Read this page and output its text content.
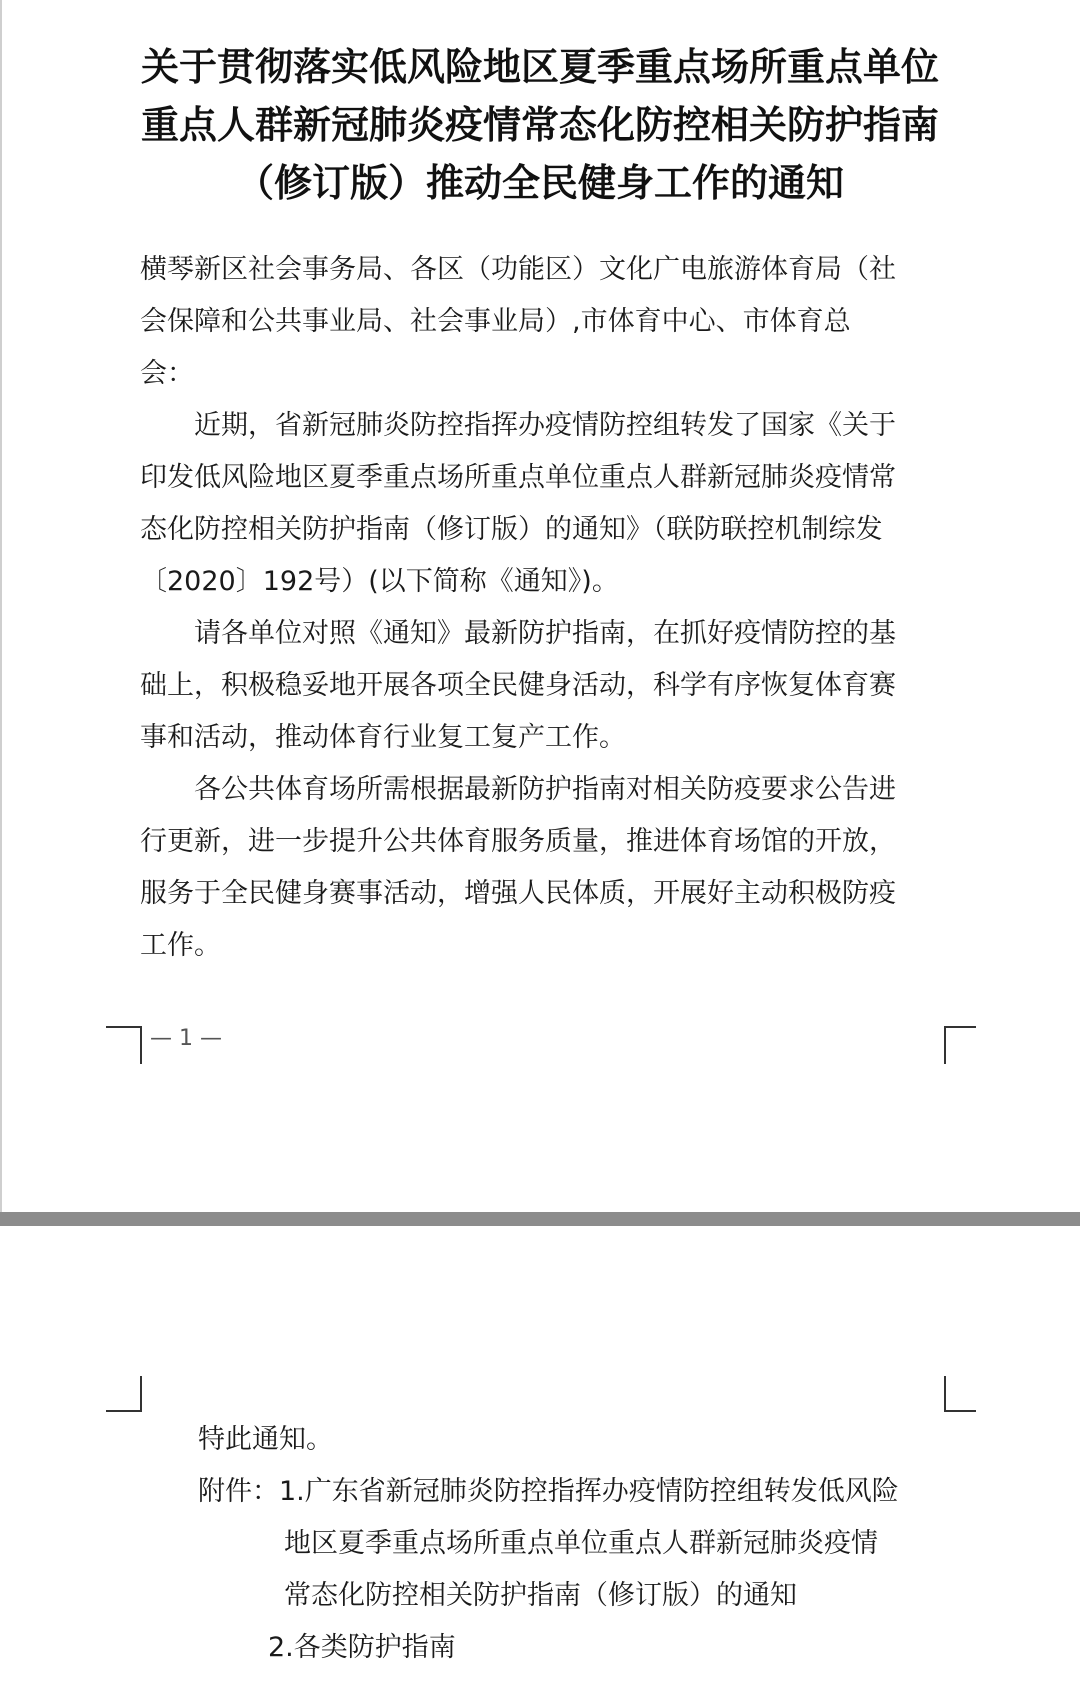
关于贯彻落实低风险地区夏季重点场所重点单位
重点人群新冠肺炎疫情常态化防控相关防护指南
（修订版）推动全民健身工作的通知
横琴新区社会事务局、各区（功能区）文化广电旅游体育局（社
会保障和公共事业局、社会事业局）,市体育中心、市体育总
会：
　　近期，省新冠肺炎防控指挥办疫情防控组转发了国家《关于
印发低风险地区夏季重点场所重点单位重点人群新冠肺炎疫情常
态化防控相关防护指南（修订版）的通知》（联防联控机制综发
〔2020〕192号）(以下简称《通知》)。
　　请各单位对照《通知》最新防护指南，在抓好疫情防控的基
础上，积极稳妥地开展各项全民健身活动，科学有序恢复体育赛
事和活动，推动体育行业复工复产工作。
　　各公共体育场所需根据最新防护指南对相关防疫要求公告进
行更新，进一步提升公共体育服务质量，推进体育场馆的开放，
服务于全民健身赛事活动，增强人民体质，开展好主动积极防疫
工作。
— 1 —
特此通知。
附件：1.广东省新冠肺炎防控指挥办疫情防控组转发低风险
地区夏季重点场所重点单位重点人群新冠肺炎疫情
常态化防控相关防护指南（修订版）的通知
2.各类防护指南
